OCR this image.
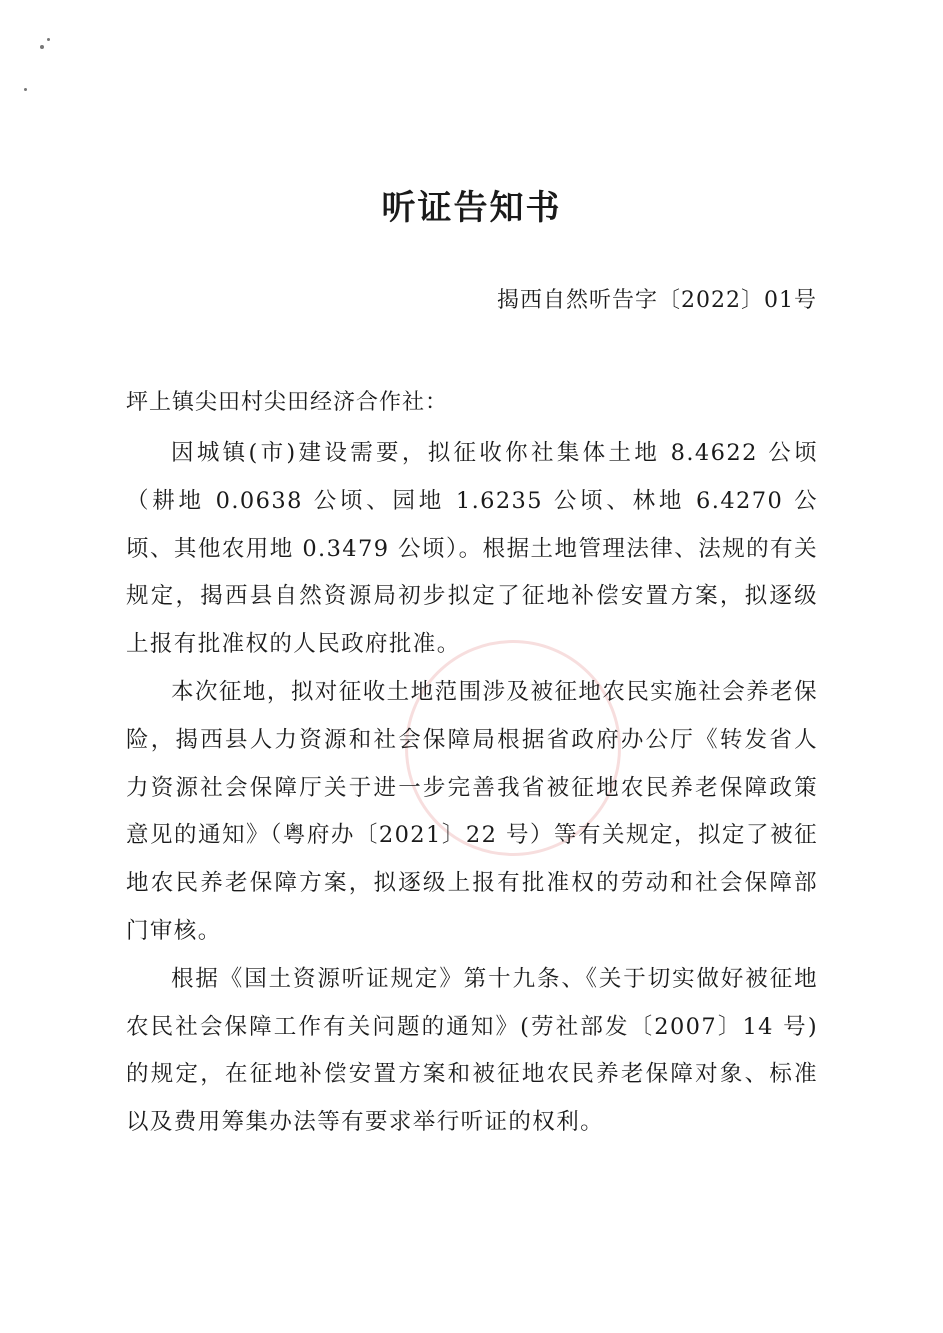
听证告知书

揭西自然听告字〔2022〕01号

坪上镇尖田村尖田经济合作社：

因城镇(市)建设需要，拟征收你社集体土地 8.4622 公顷（耕地 0.0638 公顷、园地 1.6235 公顷、林地 6.4270 公顷、其他农用地 0.3479 公顷）。根据土地管理法律、法规的有关规定，揭西县自然资源局初步拟定了征地补偿安置方案，拟逐级上报有批准权的人民政府批准。

本次征地，拟对征收土地范围涉及被征地农民实施社会养老保险，揭西县人力资源和社会保障局根据省政府办公厅《转发省人力资源社会保障厅关于进一步完善我省被征地农民养老保障政策意见的通知》（粤府办〔2021〕22 号）等有关规定，拟定了被征地农民养老保障方案，拟逐级上报有批准权的劳动和社会保障部门审核。

根据《国土资源听证规定》第十九条、《关于切实做好被征地农民社会保障工作有关问题的通知》(劳社部发〔2007〕14 号)的规定，在征地补偿安置方案和被征地农民养老保障对象、标准以及费用筹集办法等有要求举行听证的权利。
